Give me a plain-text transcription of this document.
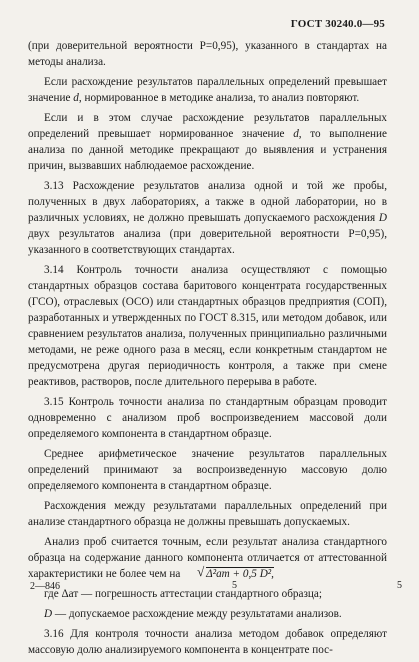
ГОСТ 30240.0—95

(при доверительной вероятности P=0,95), указанного в стандартах на методы анализа.

Если расхождение результатов параллельных определений превышает значение d, нормированное в методике анализа, то анализ повторяют.

Если и в этом случае расхождение результатов параллельных определений превышает нормированное значение d, то выполнение анализа по данной методике прекращают до выявления и устранения причин, вызвавших наблюдаемое расхождение.

3.13 Расхождение результатов анализа одной и той же пробы, полученных в двух лабораториях, а также в одной лаборатории, но в различных условиях, не должно превышать допускаемого расхождения D двух результатов анализа (при доверительной вероятности P=0,95), указанного в соответствующих стандартах.

3.14 Контроль точности анализа осуществляют с помощью стандартных образцов состава баритового концентрата государственных (ГСО), отраслевых (ОСО) или стандартных образцов предприятия (СОП), разработанных и утвержденных по ГОСТ 8.315, или методом добавок, или сравнением результатов анализа, полученных принципиально различными методами, не реже одного раза в месяц, если конкретным стандартом не предусмотрена другая периодичность контроля, а также при смене реактивов, растворов, после длительного перерыва в работе.

3.15 Контроль точности анализа по стандартным образцам проводит одновременно с анализом проб воспроизведением массовой доли определяемого компонента в стандартном образце.

Среднее арифметическое значение результатов параллельных определений принимают за воспроизведенную массовую долю определяемого компонента в стандартном образце.

Расхождения между результатами параллельных определений при анализе стандартного образца не должны превышать допускаемых.

Анализ проб считается точным, если результат анализа стандартного образца на содержание данного компонента отличается от аттестованной характеристики не более чем на √ Δ²ат + 0,5 D²,

где Δат — погрешность аттестации стандартного образца;

D — допускаемое расхождение между результатами анализов.

3.16 Для контроля точности анализа методом добавок определяют массовую долю анализируемого компонента в концентрате пос-

2—846	5	5
